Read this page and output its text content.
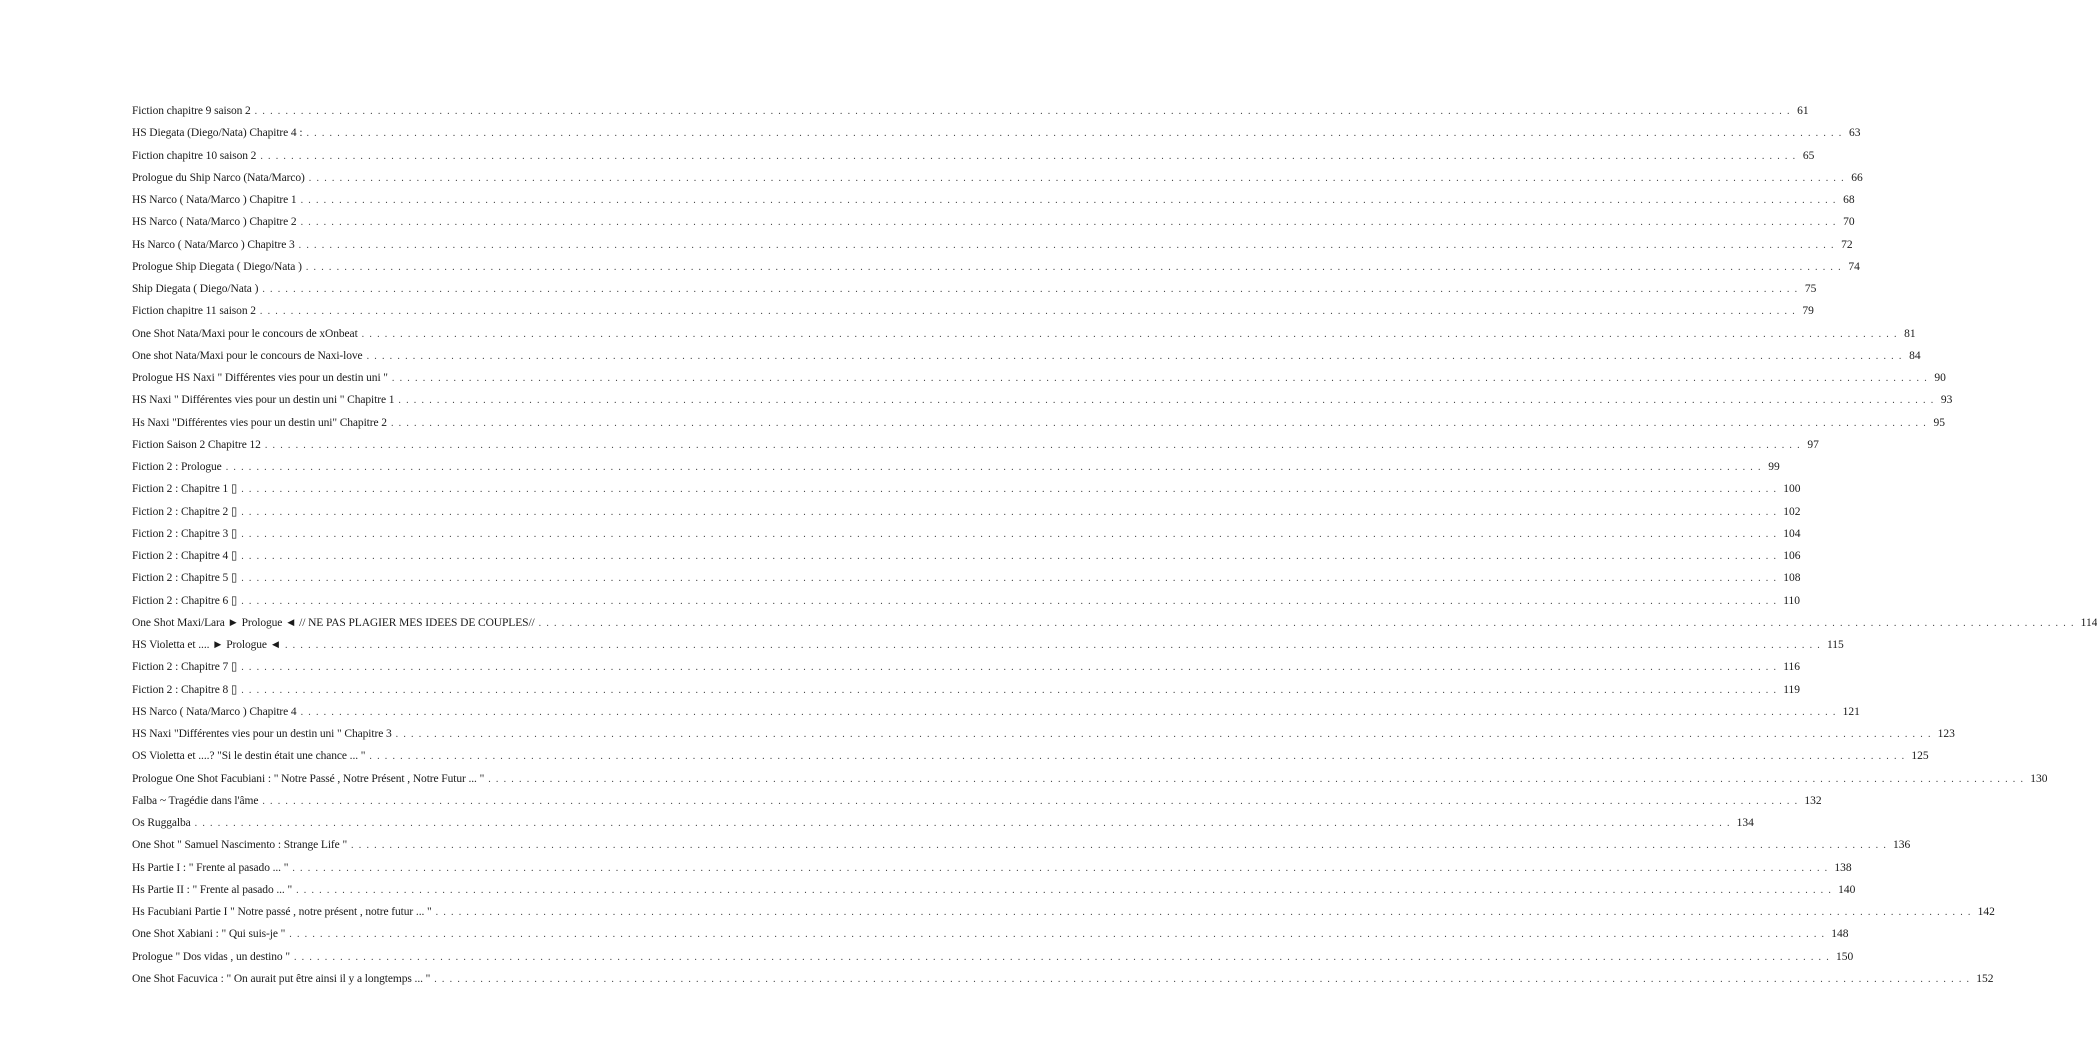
Fiction chapitre 9 saison 2 ........................................................................................................................................................................................................ 61
HS Diegata (Diego/Nata) Chapitre 4 : ........................................................................................................................................................................................................ 63
Fiction chapitre 10 saison 2 ........................................................................................................................................................................................................ 65
Prologue du Ship Narco (Nata/Marco) ........................................................................................................................................................................................................ 66
HS Narco ( Nata/Marco ) Chapitre 1 ........................................................................................................................................................................................................ 68
HS Narco ( Nata/Marco ) Chapitre 2 ........................................................................................................................................................................................................ 70
Hs Narco ( Nata/Marco ) Chapitre 3 ........................................................................................................................................................................................................ 72
Prologue Ship Diegata ( Diego/Nata ) ........................................................................................................................................................................................................ 74
Ship Diegata ( Diego/Nata ) ........................................................................................................................................................................................................ 75
Fiction chapitre 11 saison 2 ........................................................................................................................................................................................................ 79
One Shot Nata/Maxi pour le concours de xOnbeat ........................................................................................................................................................................................................ 81
One shot Nata/Maxi pour le concours de Naxi-love ........................................................................................................................................................................................................ 84
Prologue HS Naxi " Différentes vies pour un destin uni " ........................................................................................................................................................................................................ 90
HS Naxi " Différentes vies pour un destin uni " Chapitre 1 ........................................................................................................................................................................................................ 93
Hs Naxi "Différentes vies pour un destin uni" Chapitre 2 ........................................................................................................................................................................................................ 95
Fiction Saison 2 Chapitre 12 ........................................................................................................................................................................................................ 97
Fiction 2 : Prologue ........................................................................................................................................................................................................ 99
Fiction 2 : Chapitre 1 ▯ ........................................................................................................................................................................................................ 100
Fiction 2 : Chapitre 2 ▯ ........................................................................................................................................................................................................ 102
Fiction 2 : Chapitre 3 ▯ ........................................................................................................................................................................................................ 104
Fiction 2 : Chapitre 4 ▯ ........................................................................................................................................................................................................ 106
Fiction 2 : Chapitre 5 ▯ ........................................................................................................................................................................................................ 108
Fiction 2 : Chapitre 6 ▯ ........................................................................................................................................................................................................ 110
One Shot Maxi/Lara ► Prologue ◄ // NE PAS PLAGIER MES IDEES DE COUPLES// ........................................................................................................................................................................................................ 114
HS Violetta et .... ► Prologue ◄ ........................................................................................................................................................................................................ 115
Fiction 2 : Chapitre 7 ▯ ........................................................................................................................................................................................................ 116
Fiction 2 : Chapitre 8 ▯ ........................................................................................................................................................................................................ 119
HS Narco ( Nata/Marco ) Chapitre 4 ........................................................................................................................................................................................................ 121
HS Naxi "Différentes vies pour un destin uni " Chapitre 3 ........................................................................................................................................................................................................ 123
OS Violetta et ....? "Si le destin était une chance ... " ........................................................................................................................................................................................................ 125
Prologue One Shot Facubiani : " Notre Passé , Notre Présent , Notre Futur ... " ........................................................................................................................................................................................................ 130
Falba ~ Tragédie dans l'âme ........................................................................................................................................................................................................ 132
Os Ruggalba ........................................................................................................................................................................................................ 134
One Shot " Samuel Nascimento : Strange Life " ........................................................................................................................................................................................................ 136
Hs Partie I : " Frente al pasado ... " ........................................................................................................................................................................................................ 138
Hs Partie II : " Frente al pasado ... " ........................................................................................................................................................................................................ 140
Hs Facubiani Partie I " Notre passé , notre présent , notre futur ... " ........................................................................................................................................................................................................ 142
One Shot Xabiani : " Qui suis-je " ........................................................................................................................................................................................................ 148
Prologue " Dos vidas , un destino " ........................................................................................................................................................................................................ 150
One Shot Facuvica : " On aurait put être ainsi il y a longtemps ... " ........................................................................................................................................................................................................ 152
